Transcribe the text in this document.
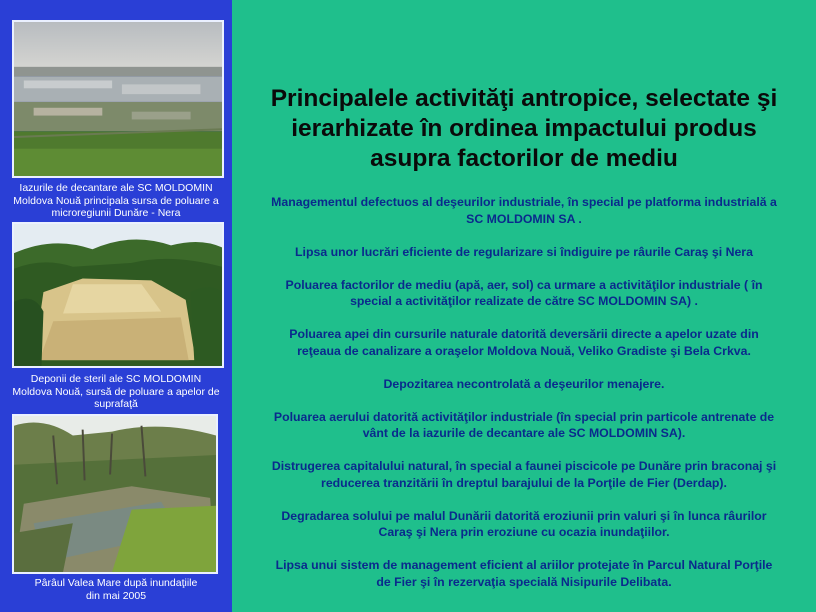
Iazurile de decantare ale SC MOLDOMIN
Moldova Nouă principala sursa de poluare a
microregiunii Dunăre - Nera
Deponii de steril ale SC MOLDOMIN
Moldova Nouă, sursă de poluare a apelor de
suprafaţă
Pârâul Valea Mare după inundaţiile
din mai 2005
Principalele activităţi antropice, selectate şi
ierarhizate în ordinea impactului produs
asupra factorilor de mediu
Managementul defectuos al deşeurilor industriale, în special pe platforma industrială a
SC MOLDOMIN SA .
Lipsa unor lucrări eficiente de regularizare si îndiguire pe râurile Caraş şi Nera
Poluarea factorilor de mediu (apă, aer, sol) ca urmare a activităţilor industriale ( în
special a activităţilor realizate de către SC MOLDOMIN SA) .
Poluarea apei din cursurile naturale datorită deversării directe a apelor uzate din
reţeaua de canalizare a oraşelor Moldova Nouă, Veliko Gradiste şi Bela Crkva.
Depozitarea necontrolată a deşeurilor menajere.
Poluarea aerului datorită activităţilor industriale (în special prin particole antrenate de
vânt de la iazurile de decantare ale SC MOLDOMIN SA).
Distrugerea capitalului natural, în special a faunei piscicole pe Dunăre prin braconaj şi
reducerea tranzitării în dreptul barajului de la Porţile de Fier (Derdap).
Degradarea solului pe malul Dunării datorită eroziunii prin valuri şi în lunca râurilor
Caraş şi Nera prin eroziune cu ocazia inundaţiilor.
Lipsa unui sistem de management eficient al ariilor protejate în Parcul Natural Porţile
de Fier şi în rezervaţia specială Nisipurile Delibata.
